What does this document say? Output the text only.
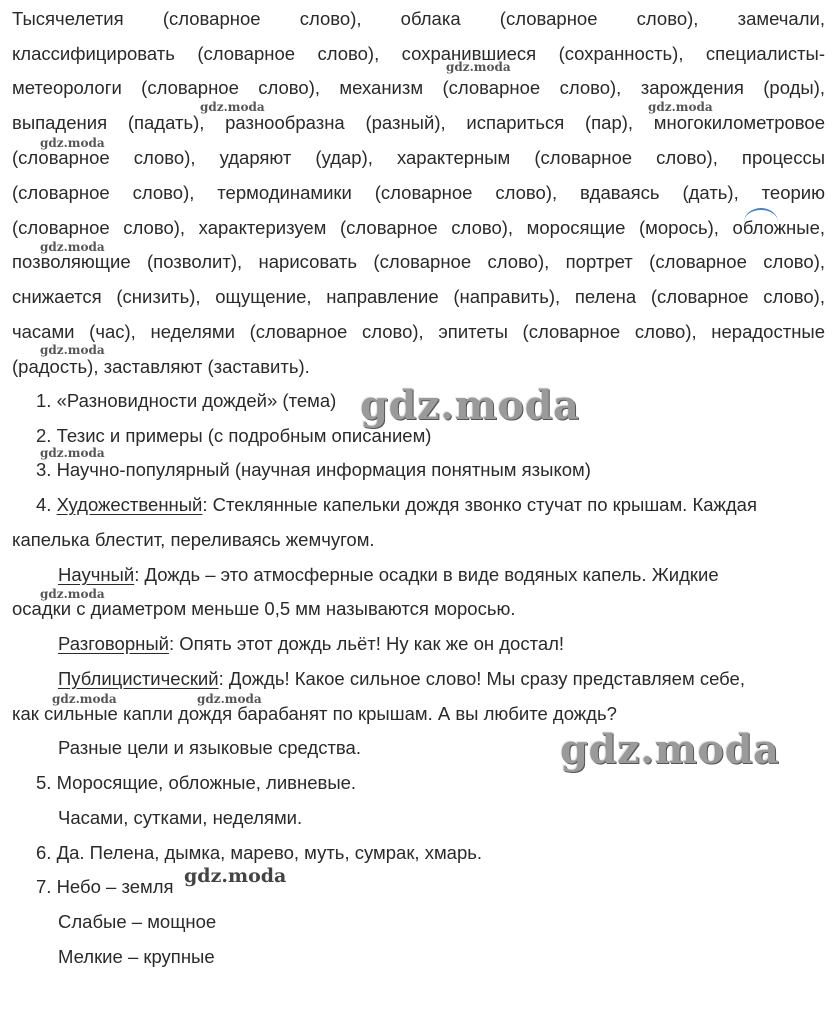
Тысячелетия (словарное слово), облака (словарное слово), замечали,
классифицировать (словарное слово), сохранившиеся (сохранность), специалисты-
метеорологи (словарное слово), механизм (словарное слово), зарождения (роды),
выпадения (падать), разнообразна (разный), испариться (пар), многокилометровое
(словарное слово), ударяют (удар), характерным (словарное слово), процессы
(словарное слово), термодинамики (словарное слово), вдаваясь (дать), теорию
(словарное слово), характеризуем (словарное слово), моросящие (морось), обложные,
позволяющие (позволит), нарисовать (словарное слово), портрет (словарное слово),
снижается (снизить), ощущение, направление (направить), пелена (словарное слово),
часами (час), неделями (словарное слово), эпитеты (словарное слово), нерадостные
(радость), заставляют (заставить).
1. «Разновидности дождей» (тема)
2. Тезис и примеры (с подробным описанием)
3. Научно-популярный (научная информация понятным языком)
4. Художественный: Стеклянные капельки дождя звонко стучат по крышам. Каждая
капелька блестит, переливаясь жемчугом.
Научный: Дождь – это атмосферные осадки в виде водяных капель. Жидкие
осадки с диаметром меньше 0,5 мм называются моросью.
Разговорный: Опять этот дождь льёт! Ну как же он достал!
Публицистический: Дождь! Какое сильное слово! Мы сразу представляем себе,
как сильные капли дождя барабанят по крышам. А вы любите дождь?
Разные цели и языковые средства.
5. Моросящие, обложные, ливневые.
Часами, сутками, неделями.
6. Да. Пелена, дымка, марево, муть, сумрак, хмарь.
7. Небо – земля
Слабые – мощное
Мелкие – крупные
gdz.moda
gdz.moda	gdz.moda
gdz.moda
gdz.moda
gdz.moda
gdz.moda
gdz.moda
gdz.moda
gdz.moda	gdz.moda
gdz.moda
gdz.moda
